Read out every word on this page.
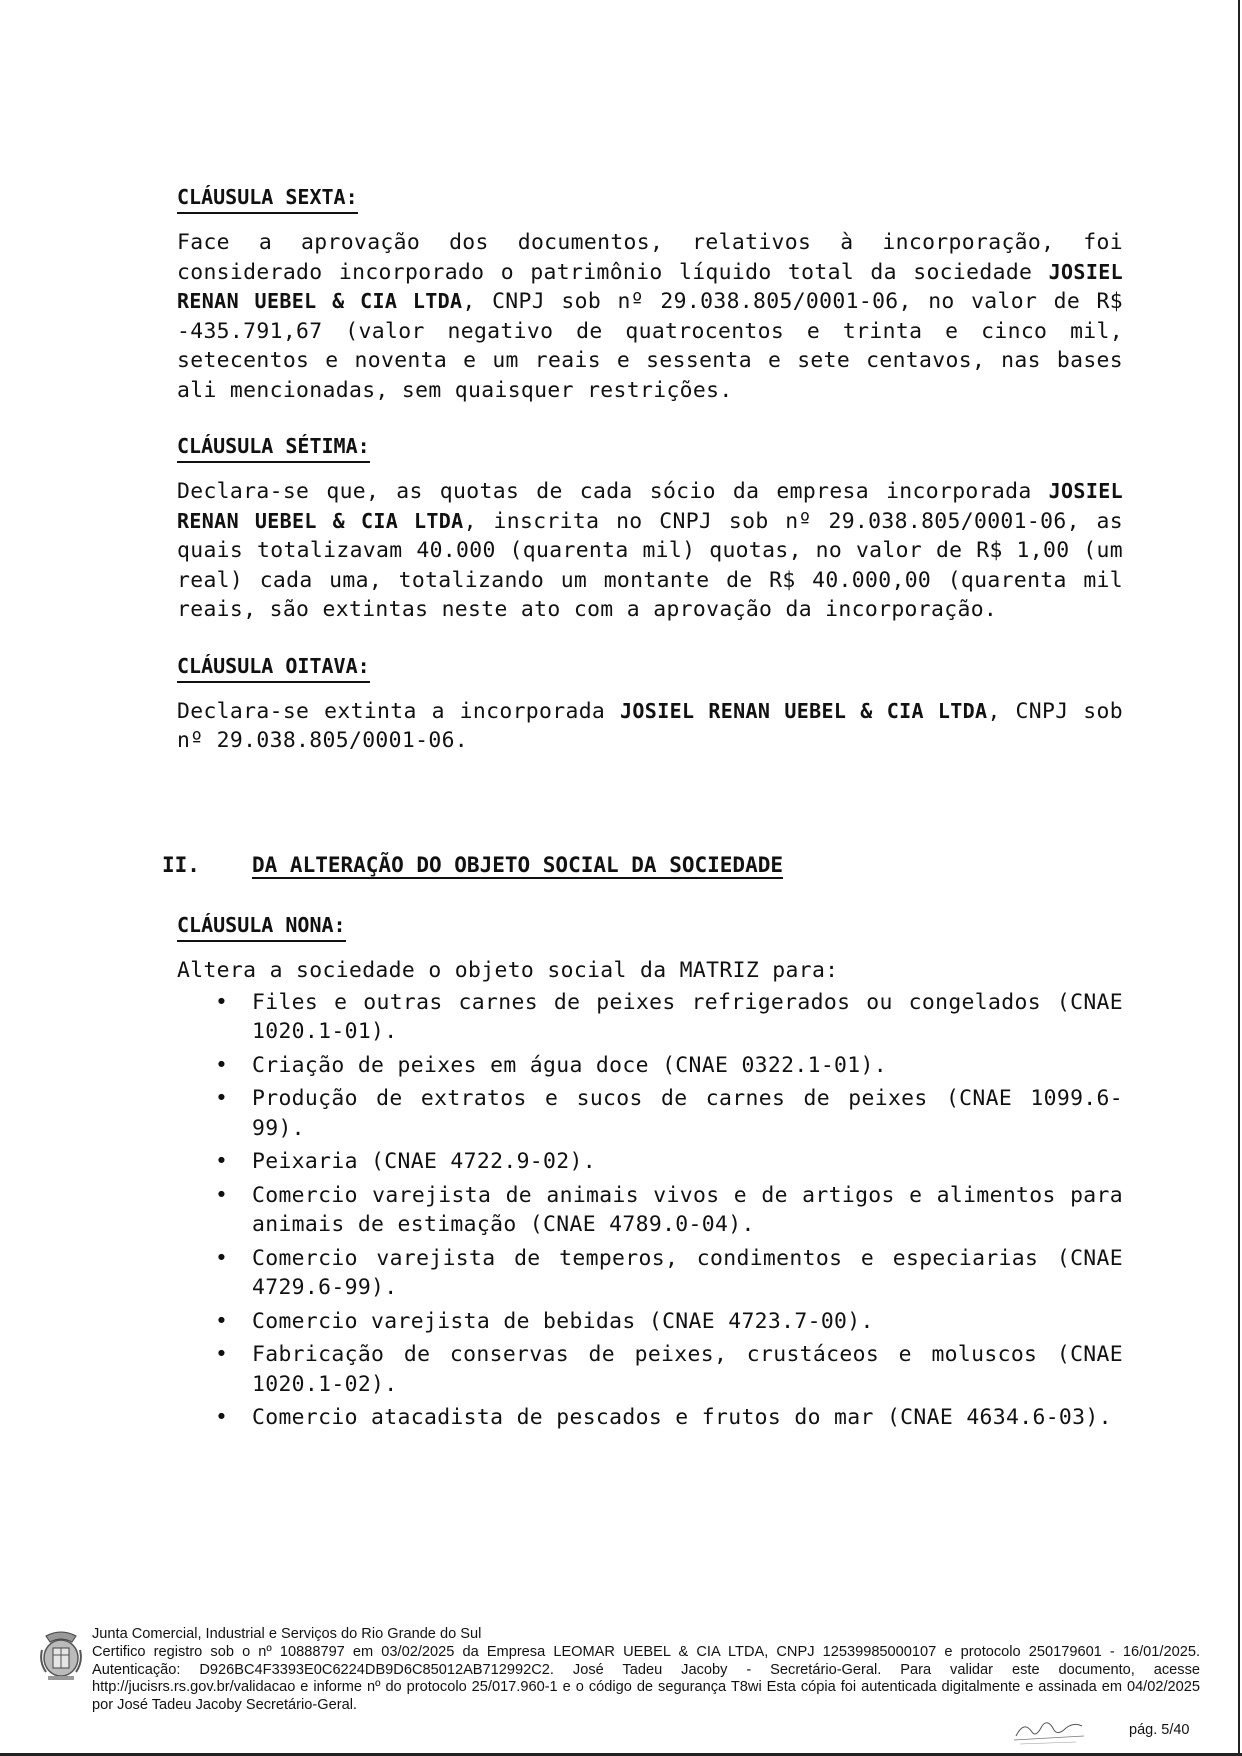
CLÁUSULA SEXTA:

Face a aprovação dos documentos, relativos à incorporação, foi considerado incorporado o patrimônio líquido total da sociedade JOSIEL RENAN UEBEL & CIA LTDA, CNPJ sob nº 29.038.805/0001-06, no valor de R$ -435.791,67 (valor negativo de quatrocentos e trinta e cinco mil, setecentos e noventa e um reais e sessenta e sete centavos, nas bases ali mencionadas, sem quaisquer restrições.

CLÁUSULA SÉTIMA:

Declara-se que, as quotas de cada sócio da empresa incorporada JOSIEL RENAN UEBEL & CIA LTDA, inscrita no CNPJ sob nº 29.038.805/0001-06, as quais totalizavam 40.000 (quarenta mil) quotas, no valor de R$ 1,00 (um real) cada uma, totalizando um montante de R$ 40.000,00 (quarenta mil reais, são extintas neste ato com a aprovação da incorporação.

CLÁUSULA OITAVA:

Declara-se extinta a incorporada JOSIEL RENAN UEBEL & CIA LTDA, CNPJ sob nº 29.038.805/0001-06.

II. DA ALTERAÇÃO DO OBJETO SOCIAL DA SOCIEDADE
CLÁUSULA NONA:
Altera a sociedade o objeto social da MATRIZ para:
• Files e outras carnes de peixes refrigerados ou congelados (CNAE 1020.1-01).
• Criação de peixes em água doce (CNAE 0322.1-01).
• Produção de extratos e sucos de carnes de peixes (CNAE 1099.6-99).
• Peixaria (CNAE 4722.9-02).
• Comercio varejista de animais vivos e de artigos e alimentos para animais de estimação (CNAE 4789.0-04).
• Comercio varejista de temperos, condimentos e especiarias (CNAE 4729.6-99).
• Comercio varejista de bebidas (CNAE 4723.7-00).
• Fabricação de conservas de peixes, crustáceos e moluscos (CNAE 1020.1-02).
• Comercio atacadista de pescados e frutos do mar (CNAE 4634.6-03).
Junta Comercial, Industrial e Serviços do Rio Grande do Sul
Certifico registro sob o nº 10888797 em 03/02/2025 da Empresa LEOMAR UEBEL & CIA LTDA, CNPJ 12539985000107 e protocolo 250179601 - 16/01/2025. Autenticação: D926BC4F3393E0C6224DB9D6C85012AB712992C2. José Tadeu Jacoby - Secretário-Geral. Para validar este documento, acesse http://jucisrs.rs.gov.br/validacao e informe nº do protocolo 25/017.960-1 e o código de segurança T8wi Esta cópia foi autenticada digitalmente e assinada em 04/02/2025 por José Tadeu Jacoby Secretário-Geral.
pág. 5/40
